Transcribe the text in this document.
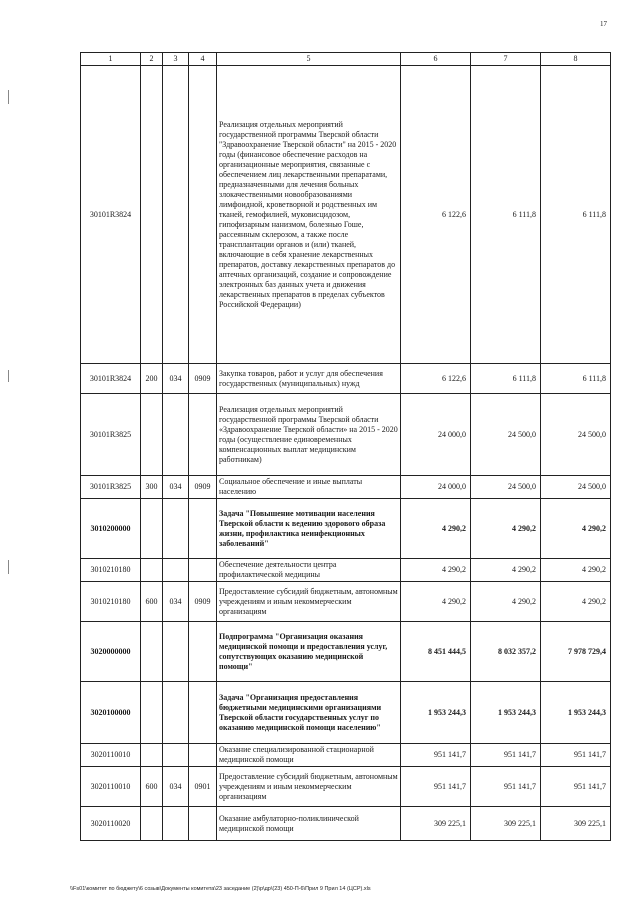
17
1	2	3	4	5	6	7	8
30101R3824				Реализация отдельных мероприятий государственной программы Тверской области "Здравоохранение Тверской области" на 2015 - 2020 годы (финансовое обеспечение расходов на организационные мероприятия, связанные с обеспечением лиц лекарственными препаратами, предназначенными для лечения больных злокачественными новообразованиями лимфоидной, кроветворной и родственных им тканей, гемофилией, муковисцидозом, гипофизарным нанизмом, болезнью Гоше, рассеянным склерозом, а также после трансплантации органов и (или) тканей, включающие в себя хранение лекарственных препаратов, доставку лекарственных препаратов до аптечных организаций, создание и сопровождение электронных баз данных учета и движения лекарственных препаратов в пределах субъектов Российской Федерации)	6 122,6	6 111,8	6 111,8
30101R3824	200	034	0909	Закупка товаров, работ и услуг для обеспечения государственных (муниципальных) нужд	6 122,6	6 111,8	6 111,8
30101R3825				Реализация отдельных мероприятий государственной программы Тверской области «Здравоохранение Тверской области» на 2015 - 2020 годы (осуществление единовременных компенсационных выплат медицинским работникам)	24 000,0	24 500,0	24 500,0
30101R3825	300	034	0909	Социальное обеспечение и иные выплаты населению	24 000,0	24 500,0	24 500,0
3010200000				Задача "Повышение мотивации населения Тверской области к ведению здорового образа жизни, профилактика неинфекционных заболеваний"	4 290,2	4 290,2	4 290,2
3010210180				Обеспечение деятельности центра профилактической медицины	4 290,2	4 290,2	4 290,2
3010210180	600	034	0909	Предоставление субсидий бюджетным, автономным учреждениям и иным некоммерческим организациям	4 290,2	4 290,2	4 290,2
3020000000				Подпрограмма "Организация оказания медицинской помощи и предоставления услуг, сопутствующих оказанию медицинской помощи"	8 451 444,5	8 032 357,2	7 978 729,4
3020100000				Задача "Организация предоставления бюджетными медицинскими организациями Тверской области государственных услуг по оказанию медицинской помощи населению"	1 953 244,3	1 953 244,3	1 953 244,3
3020110010				Оказание специализированной стационарной медицинской помощи	951 141,7	951 141,7	951 141,7
3020110010	600	034	0901	Предоставление субсидий бюджетным, автономным учреждениям и иным некоммерческим организациям	951 141,7	951 141,7	951 141,7
3020110020				Оказание амбулаторно-поликлинической медицинской помощи	309 225,1	309 225,1	309 225,1
\\Fs01\комитет по бюджету\6 созыв\Документы комитета\23 заседание (2)\р\др\(23) 450-П-6\Прил 9 Прил 14 (ЦСР).xls
